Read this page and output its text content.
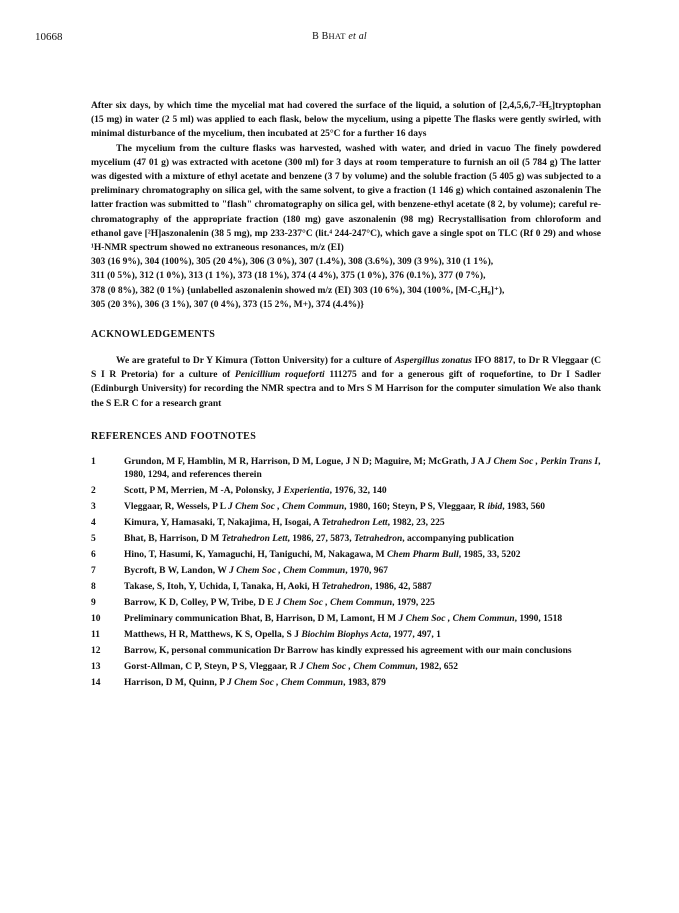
10668	B BHAT et al

After six days, by which time the mycelial mat had covered the surface of the liquid, a solution of [2,4,5,6,7-²H₅]tryptophan (15 mg) in water (2 5 ml) was applied to each flask, below the mycelium, using a pipette The flasks were gently swirled, with minimal disturbance of the mycelium, then incubated at 25°C for a further 16 days

The mycelium from the culture flasks was harvested, washed with water, and dried in vacuo The finely powdered mycelium (47 01 g) was extracted with acetone (300 ml) for 3 days at room temperature to furnish an oil (5 784 g) The latter was digested with a mixture of ethyl acetate and benzene (3 7 by volume) and the soluble fraction (5 405 g) was subjected to a preliminary chromatography on silica gel, with the same solvent, to give a fraction (1 146 g) which contained aszonalenin The latter fraction was submitted to "flash" chromatography on silica gel, with benzene-ethyl acetate (8 2, by volume); careful re-chromatography of the appropriate fraction (180 mg) gave aszonalenin (98 mg) Recrystallisation from chloroform and ethanol gave [²H]aszonalenin (38 5 mg), mp 233-237°C (lit.⁴ 244-247°C), which gave a single spot on TLC (Rf 0 29) and whose ¹H-NMR spectrum showed no extraneous resonances, m/z (EI)

303 (16 9%), 304 (100%), 305 (20 4%), 306 (3 0%), 307 (1.4%), 308 (3.6%), 309 (3 9%), 310 (1 1%),

311 (0 5%), 312 (1 0%), 313 (1 1%), 373 (18 1%), 374 (4 4%), 375 (1 0%), 376 (0.1%), 377 (0 7%),

378 (0 8%), 382 (0 1%) {unlabelled aszonalenin showed m/z (EI) 303 (10 6%), 304 (100%, [M-C₅H₉]⁺),

305 (20 3%), 306 (3 1%), 307 (0 4%), 373 (15 2%, M+), 374 (4.4%)}

ACKNOWLEDGEMENTS

We are grateful to Dr Y Kimura (Totton University) for a culture of Aspergillus zonatus IFO 8817, to Dr R Vleggaar (C S I R Pretoria) for a culture of Penicillium roqueforti 111275 and for a generous gift of roquefortine, to Dr I Sadler (Edinburgh University) for recording the NMR spectra and to Mrs S M Harrison for the computer simulation We also thank the S E.R C for a research grant

REFERENCES AND FOOTNOTES
1	Grundon, M F, Hamblin, M R, Harrison, D M, Logue, J N D; Maguire, M; McGrath, J A J Chem Soc , Perkin Trans I, 1980, 1294, and references therein
2	Scott, P M, Merrien, M -A, Polonsky, J Experientia, 1976, 32, 140
3	Vleggaar, R, Wessels, P L J Chem Soc , Chem Commun, 1980, 160; Steyn, P S, Vleggaar, R ibid, 1983, 560
4	Kimura, Y, Hamasaki, T, Nakajima, H, Isogai, A Tetrahedron Lett, 1982, 23, 225
5	Bhat, B, Harrison, D M Tetrahedron Lett, 1986, 27, 5873, Tetrahedron, accompanying publication
6	Hino, T, Hasumi, K, Yamaguchi, H, Taniguchi, M, Nakagawa, M Chem Pharm Bull, 1985, 33, 5202
7	Bycroft, B W, Landon, W J Chem Soc , Chem Commun, 1970, 967
8	Takase, S, Itoh, Y, Uchida, I, Tanaka, H, Aoki, H Tetrahedron, 1986, 42, 5887
9	Barrow, K D, Colley, P W, Tribe, D E J Chem Soc , Chem Commun, 1979, 225
10	Preliminary communication Bhat, B, Harrison, D M, Lamont, H M J Chem Soc , Chem Commun, 1990, 1518
11	Matthews, H R, Matthews, K S, Opella, S J Biochim Biophys Acta, 1977, 497, 1
12	Barrow, K, personal communication Dr Barrow has kindly expressed his agreement with our main conclusions
13	Gorst-Allman, C P, Steyn, P S, Vleggaar, R J Chem Soc , Chem Commun, 1982, 652
14	Harrison, D M, Quinn, P J Chem Soc , Chem Commun, 1983, 879
